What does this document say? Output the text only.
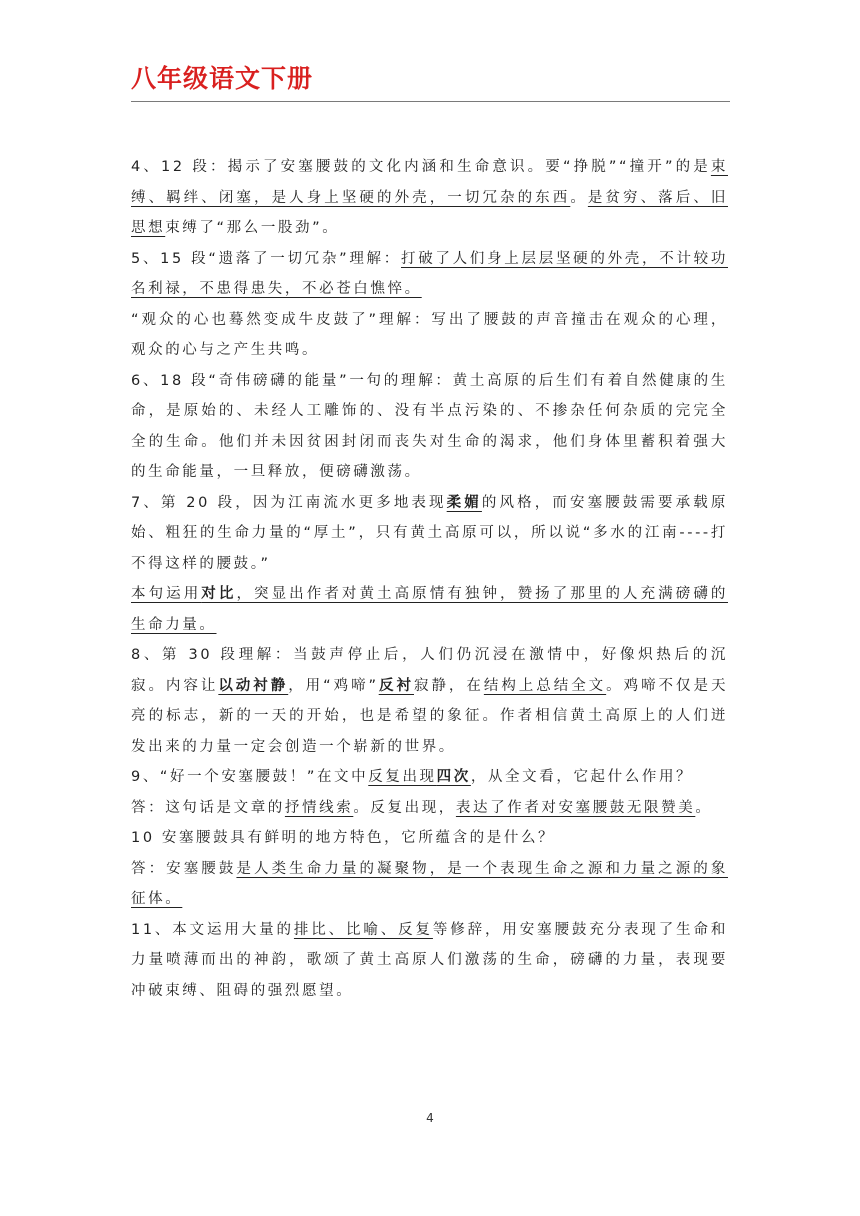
八年级语文下册

4、12 段：揭示了安塞腰鼓的文化内涵和生命意识。要“挣脱”“撞开”的是束缚、羁绊、闭塞，是人身上坚硬的外壳，一切冗杂的东西。是贫穷、落后、旧思想束缚了“那么一股劲”。

5、15 段“遗落了一切冗杂”理解：打破了人们身上层层坚硬的外壳，不计较功名利禄，不患得患失，不必苍白憔悴。

“观众的心也蓦然变成牛皮鼓了”理解：写出了腰鼓的声音撞击在观众的心理，观众的心与之产生共鸣。

6、18 段“奇伟磅礴的能量”一句的理解：黄土高原的后生们有着自然健康的生命，是原始的、未经人工雕饰的、没有半点污染的、不掺杂任何杂质的完完全全的生命。他们并未因贫困封闭而丧失对生命的渴求，他们身体里蓄积着强大的生命能量，一旦释放，便磅礴激荡。

7、第 20 段，因为江南流水更多地表现柔媚的风格，而安塞腰鼓需要承载原始、粗狂的生命力量的“厚土”，只有黄土高原可以，所以说“多水的江南----打不得这样的腰鼓。”

本句运用对比，突显出作者对黄土高原情有独钟，赞扬了那里的人充满磅礴的生命力量。

8、第 30 段理解：当鼓声停止后，人们仍沉浸在激情中，好像炽热后的沉寂。内容让以动衬静，用“鸡啼”反衬寂静，在结构上总结全文。鸡啼不仅是天亮的标志，新的一天的开始，也是希望的象征。作者相信黄土高原上的人们迸发出来的力量一定会创造一个崭新的世界。

9、“好一个安塞腰鼓！”在文中反复出现四次，从全文看，它起什么作用？

答：这句话是文章的抒情线索。反复出现，表达了作者对安塞腰鼓无限赞美。

10 安塞腰鼓具有鲜明的地方特色，它所蕴含的是什么？

答：安塞腰鼓是人类生命力量的凝聚物，是一个表现生命之源和力量之源的象征体。

11、本文运用大量的排比、比喻、反复等修辞，用安塞腰鼓充分表现了生命和力量喷薄而出的神韵，歌颂了黄土高原人们激荡的生命，磅礴的力量，表现要冲破束缚、阻碍的强烈愿望。

4
